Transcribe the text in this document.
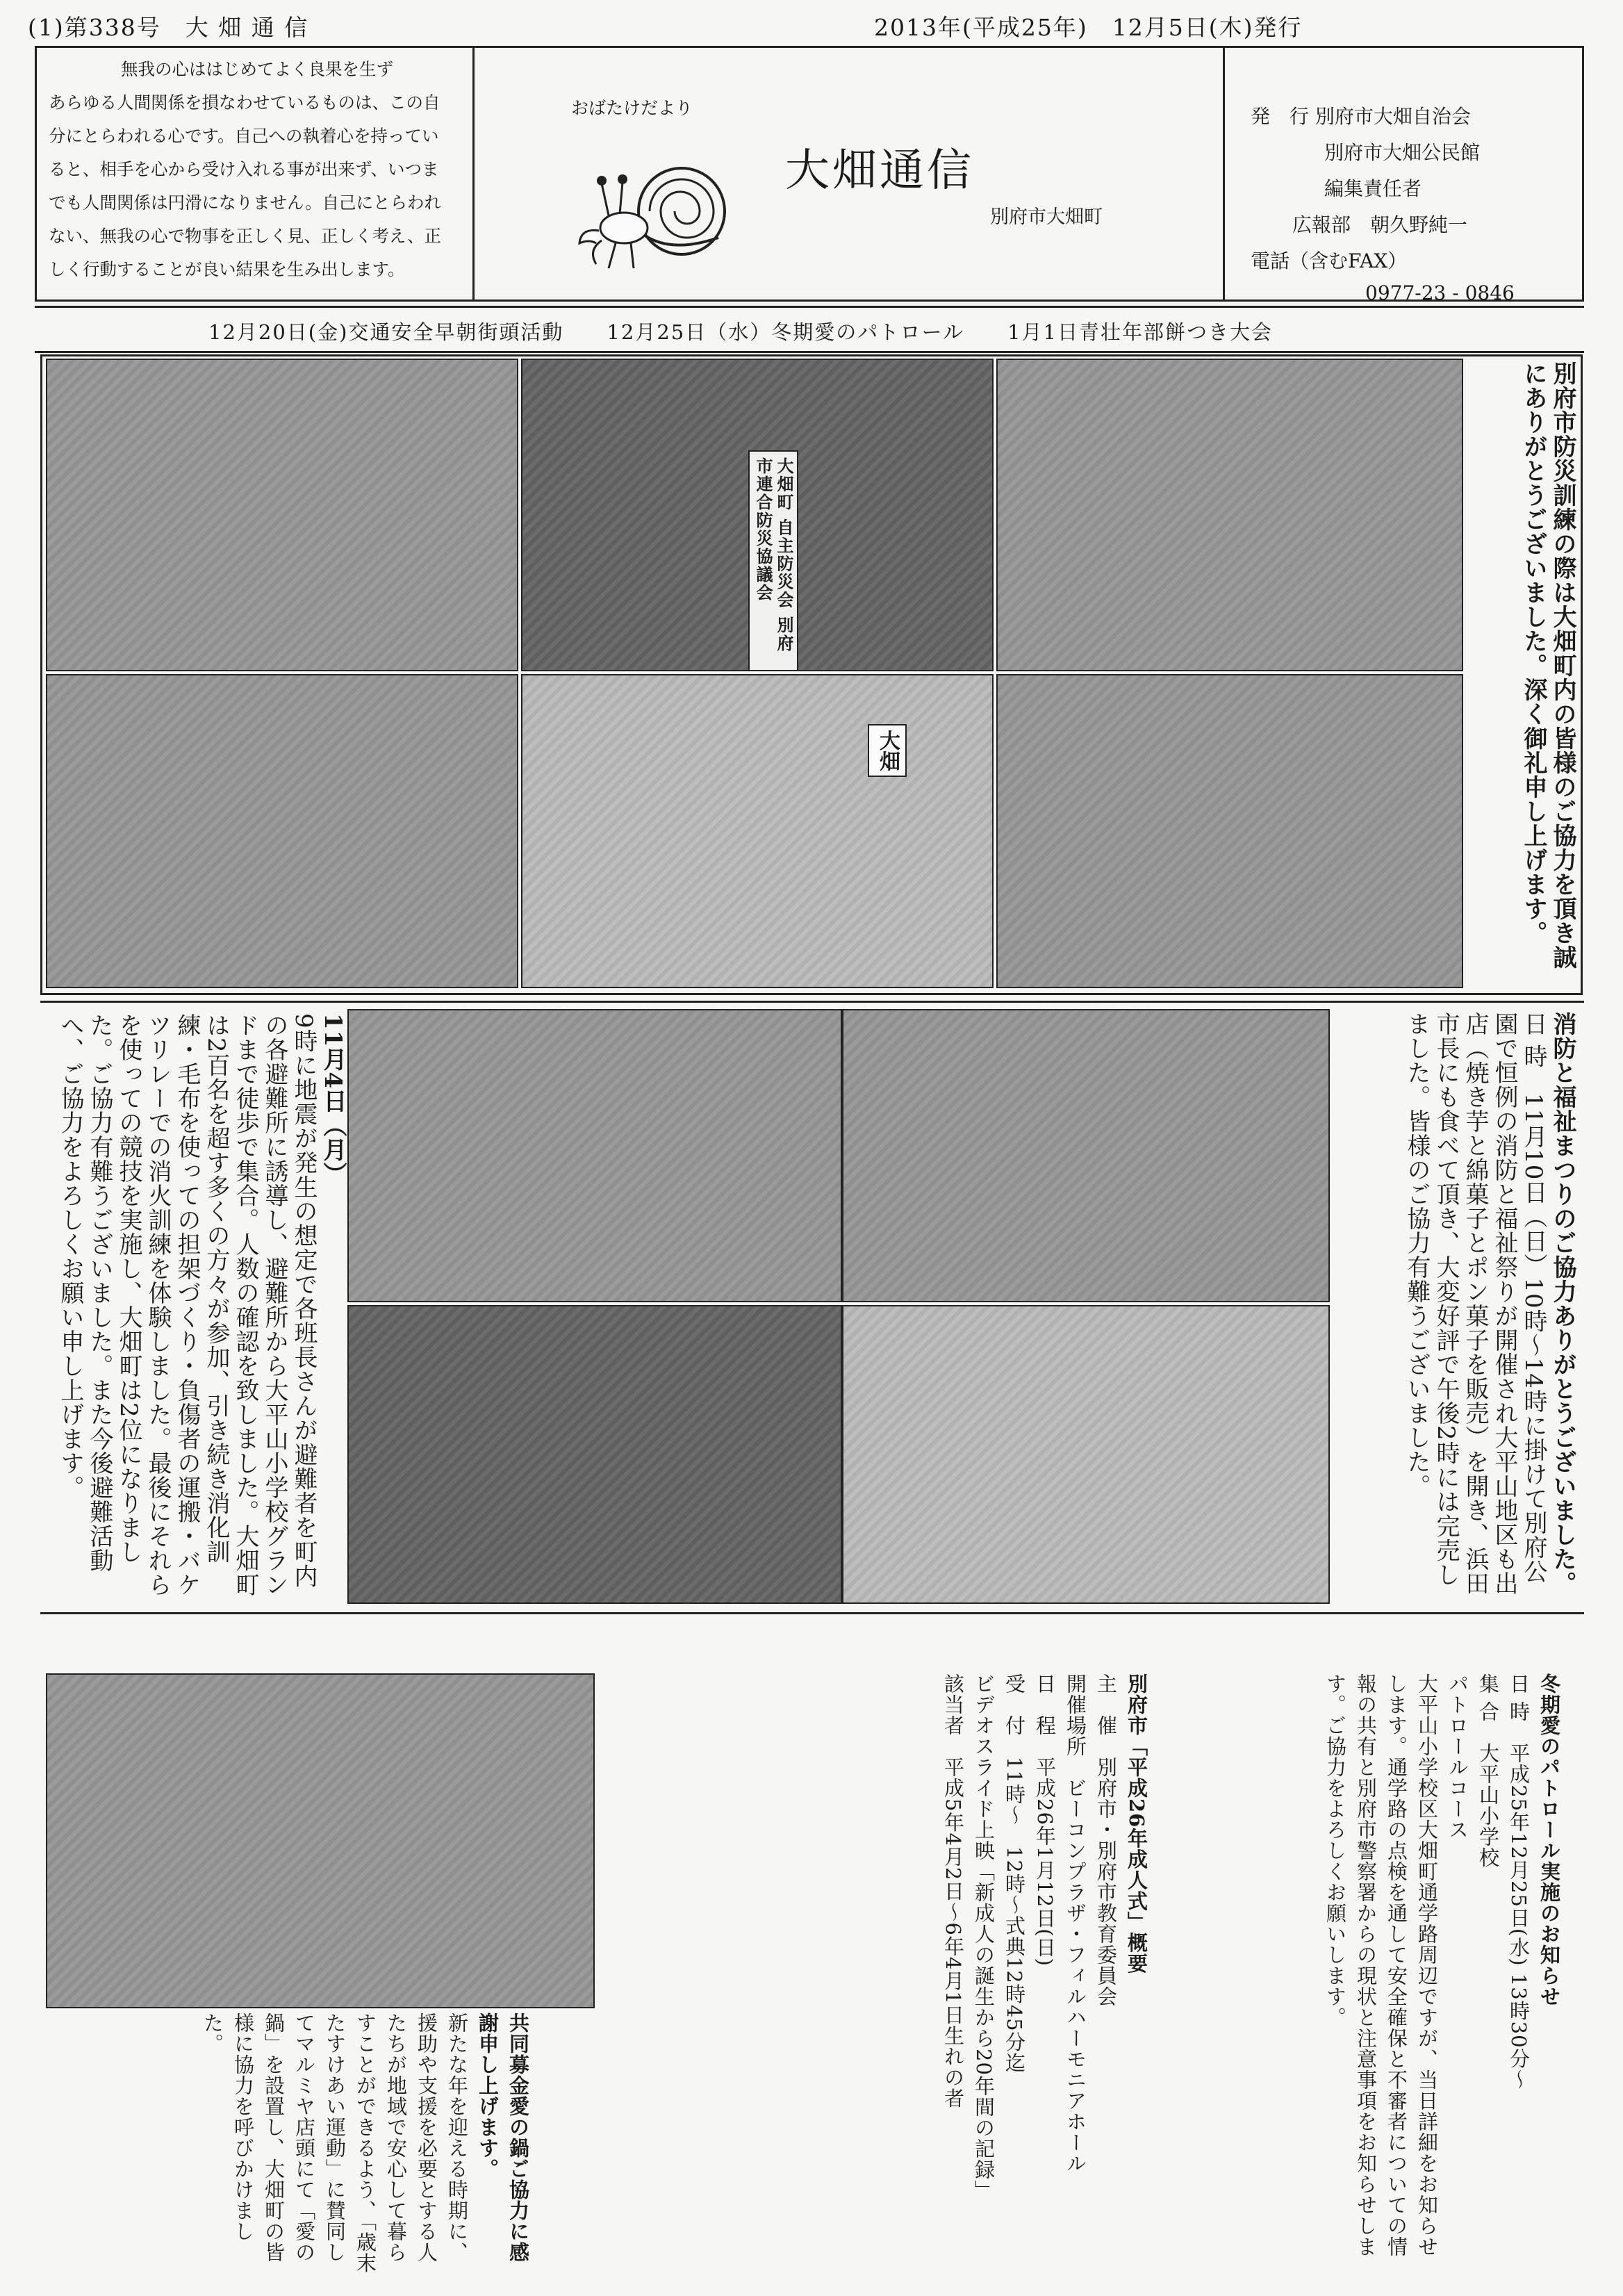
(1)第338号　大 畑 通 信	2013年(平成25年)　12月5日(木)発行
無我の心ははじめてよく良果を生ず
あらゆる人間関係を損なわせているものは、この自
分にとらわれる心です。自己への執着心を持ってい
ると、相手を心から受け入れる事が出来ず、いつま
でも人間関係は円滑になりません。自己にとらわれ
ない、無我の心で物事を正しく見、正しく考え、正
しく行動することが良い結果を生み出します。
おばたけだより
大畑通信
別府市大畑町
発　行 別府市大畑自治会
別府市大畑公民館
編集責任者
広報部　朝久野純一
電話（含むFAX）
0977-23 - 0846
12月20日(金)交通安全早朝街頭活動　　12月25日（水）冬期愛のパトロール　　1月1日青壮年部餅つき大会
大畑町 自主防災会 別府市連合防災協議会
大畑	別府市防災訓練の際は大畑町内の皆様のご協力を頂き誠にありがとうございました。深く御礼申し上げます。
11月4日（月）
9時に地震が発生の想定で各班長さんが避難者を町内の各避難所に誘導し、避難所から大平山小学校グランドまで徒歩で集合。人数の確認を致しました。大畑町は2百名を超す多くの方々が参加、引き続き消化訓練・毛布を使っての担架づくり・負傷者の運搬・バケツリレーでの消火訓練を体験しました。最後にそれらを使っての競技を実施し、大畑町は2位になりました。ご協力有難うございました。また今後避難活動へ、ご協力をよろしくお願い申し上げます。	消防と福祉まつりのご協力ありがとうございました。
日 時　11月10日（日）10時～14時に掛けて別府公園で恒例の消防と福祉祭りが開催され大平山地区も出店（焼き芋と綿菓子とポン菓子を販売）を開き、浜田市長にも食べて頂き、大変好評で午後2時には完売しました。皆様のご協力有難うございました。
共同募金愛の鍋ご協力に感謝申し上げます。
新たな年を迎える時期に、援助や支援を必要とする人たちが地域で安心して暮らすことができるよう、「歳末たすけあい運動」に賛同してマルミヤ店頭にて「愛の鍋」を設置し、大畑町の皆様に協力を呼びかけました。
別府市「平成26年成人式」概要
主　催　別府市・別府市教育委員会
開催場所　ビーコンプラザ・フィルハーモニアホール
日　程　平成26年1月12日(日)
受　付　11時～　12時～式典12時45分迄
ビデオスライド上映「新成人の誕生から20年間の記録」
該当者　平成5年4月2日～6年4月1日生れの者	冬期愛のパトロール実施のお知らせ
日 時　平成25年12月25日(水) 13時30分～
集 合　大平山小学校
パトロールコース
大平山小学校区大畑町通学路周辺ですが、当日詳細をお知らせします。通学路の点検を通して安全確保と不審者についての情報の共有と別府市警察署からの現状と注意事項をお知らせします。ご協力をよろしくお願いします。
